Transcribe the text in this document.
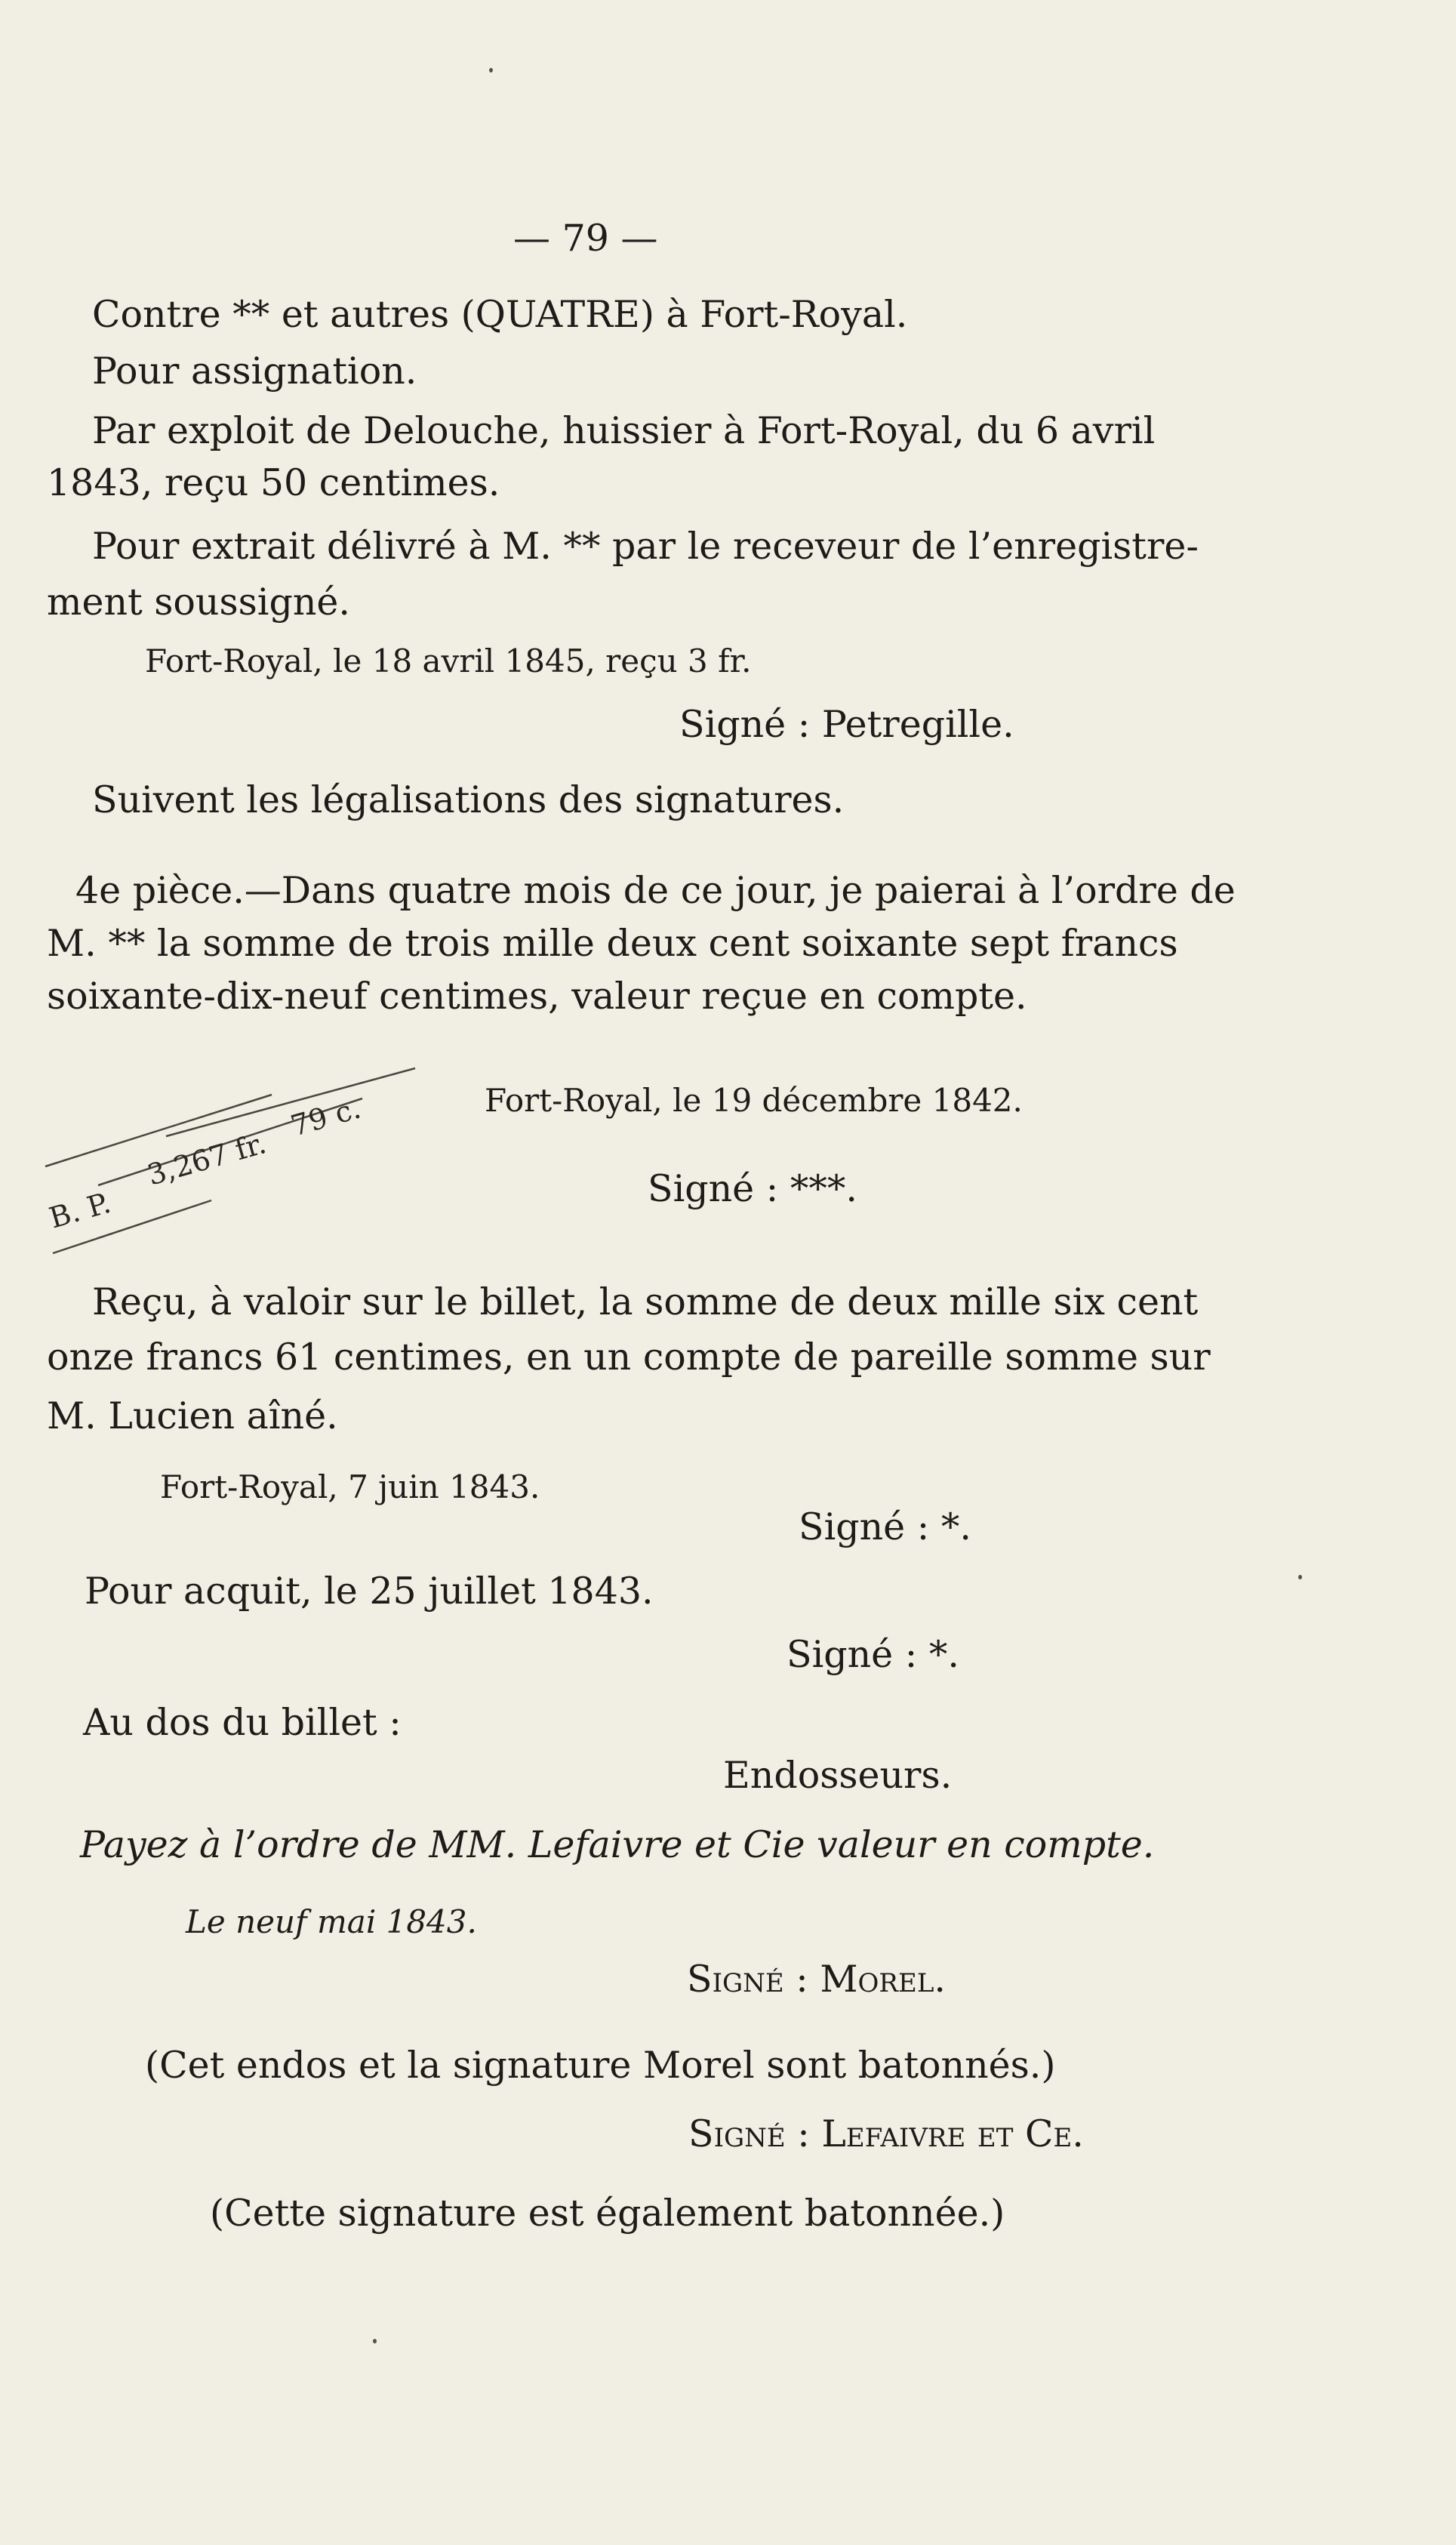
— 79 —
Contre ** et autres (QUATRE) à Fort-Royal.
Pour assignation.
Par exploit de Delouche, huissier à Fort-Royal, du 6 avril
1843, reçu 50 centimes.
Pour extrait délivré à M. ** par le receveur de l’enregistre-
ment soussigné.
Fort-Royal, le 18 avril 1845, reçu 3 fr.
Signé : Petregille.
Suivent les légalisations des signatures.
4e pièce.—Dans quatre mois de ce jour, je paierai à l’ordre de
M. ** la somme de trois mille deux cent soixante sept francs
soixante-dix-neuf centimes, valeur reçue en compte.
B. P.
3,267 fr.
79 c.	Fort-Royal, le 19 décembre 1842.
Signé : ***.
Reçu, à valoir sur le billet, la somme de deux mille six cent
onze francs 61 centimes, en un compte de pareille somme sur
M. Lucien aîné.
Fort-Royal, 7 juin 1843.
Signé : *.
Pour acquit, le 25 juillet 1843.
Signé : *.
Au dos du billet :
Endosseurs.
Payez à l’ordre de MM. Lefaivre et Cie valeur en compte.
Le neuf mai 1843.
Signé : Morel.
(Cet endos et la signature Morel sont batonnés.)
Signé : Lefaivre et Ce.
(Cette signature est également batonnée.)
